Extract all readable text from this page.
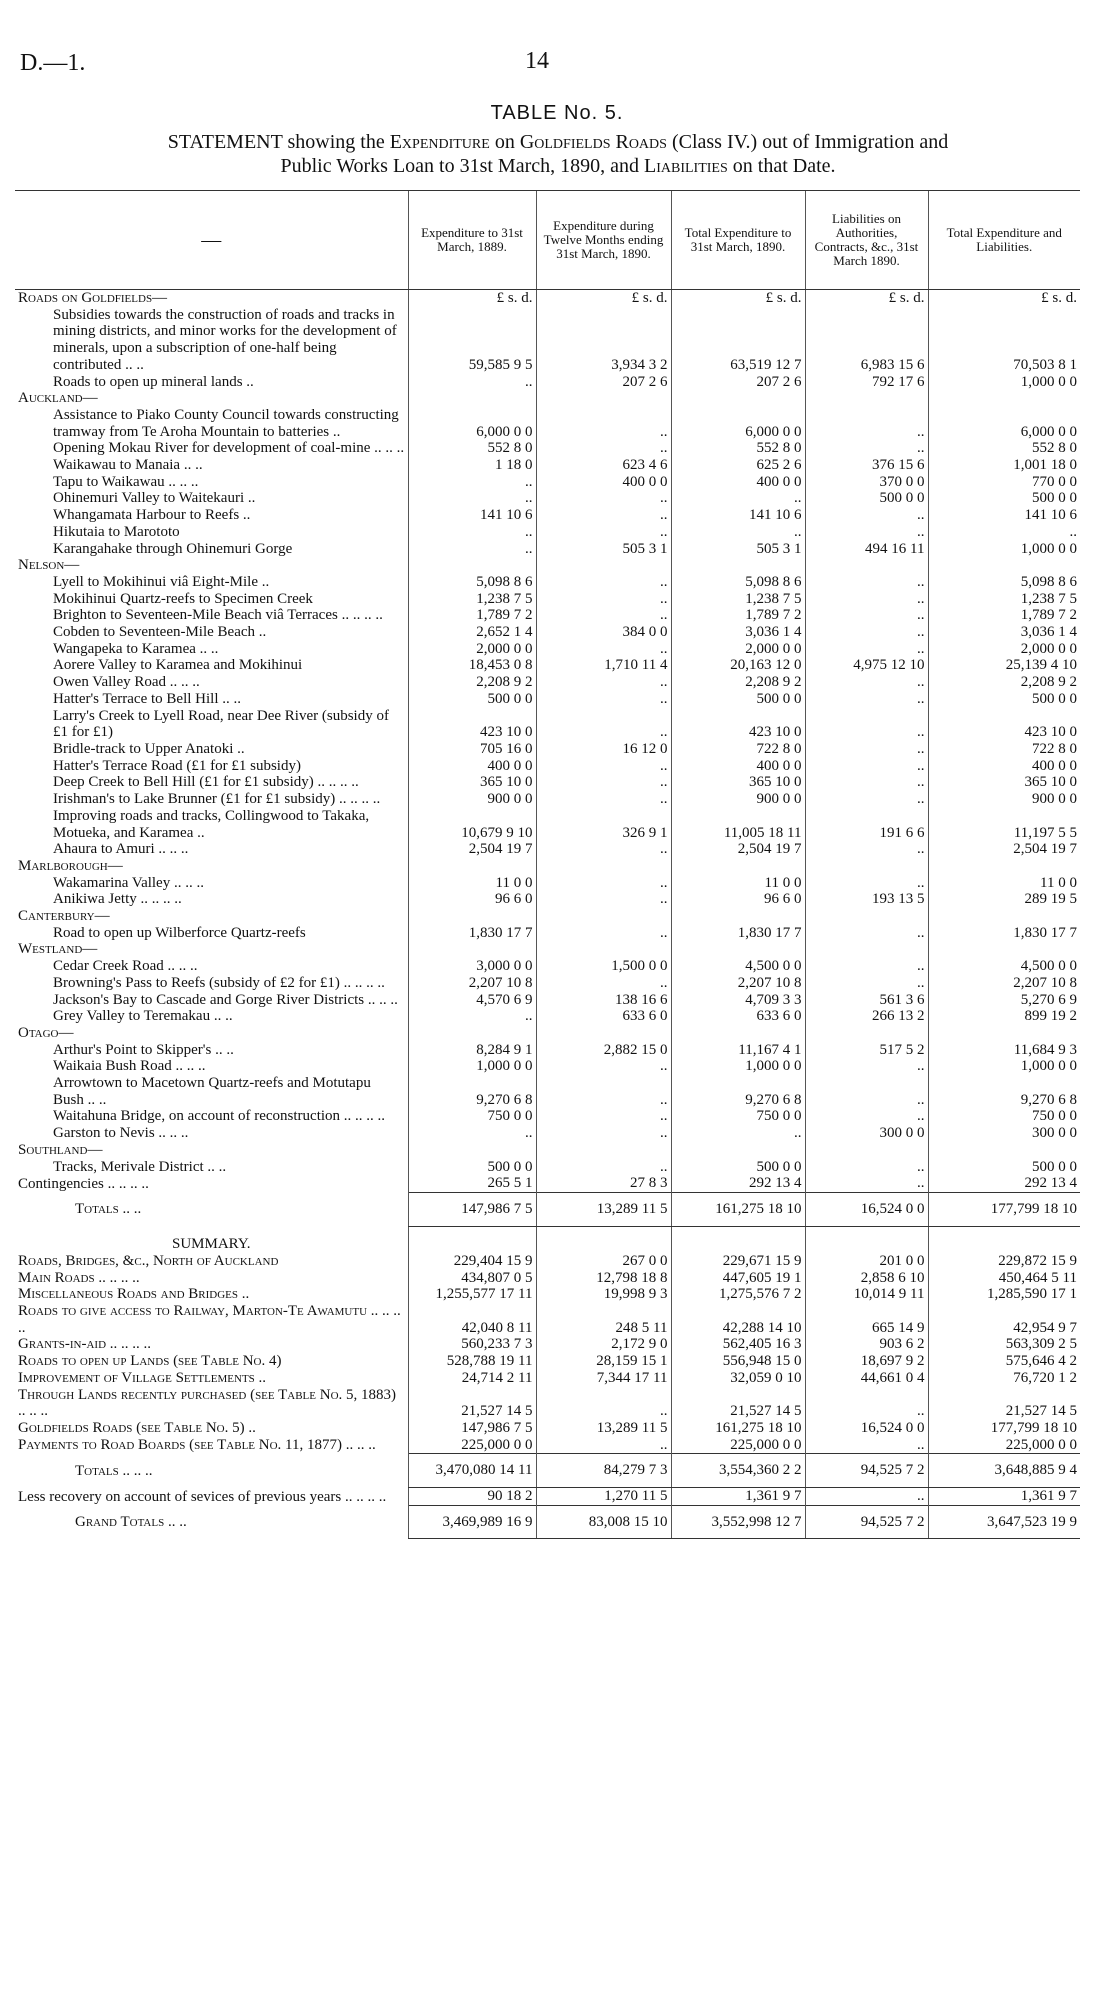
D.—1.	14
TABLE No. 5.
STATEMENT showing the Expenditure on Goldfields Roads (Class IV.) out of Immigration and
Public Works Loan to 31st March, 1890, and Liabilities on that Date.
—	Expenditure to 31st March, 1889.	Expenditure during Twelve Months ending 31st March, 1890.	Total Expenditure to 31st March, 1890.	Liabilities on Authorities, Contracts, &c., 31st March 1890.	Total Expenditure and Liabilities.
Roads on Goldfields—	£ s. d.	£ s. d.	£ s. d.	£ s. d.	£ s. d.
Subsidies towards the construction of roads and tracks in mining districts, and minor works for the development of minerals, upon a subscription of one-half being contributed .. ..	59,585 9 5	3,934 3 2	63,519 12 7	6,983 15 6	70,503 8 1
Roads to open up mineral lands ..	..	207 2 6	207 2 6	792 17 6	1,000 0 0
Auckland—					
Assistance to Piako County Council towards constructing tramway from Te Aroha Mountain to batteries ..	6,000 0 0	..	6,000 0 0	..	6,000 0 0
Opening Mokau River for development of coal-mine .. .. ..	552 8 0	..	552 8 0	..	552 8 0
Waikawau to Manaia .. ..	1 18 0	623 4 6	625 2 6	376 15 6	1,001 18 0
Tapu to Waikawau .. .. ..	..	400 0 0	400 0 0	370 0 0	770 0 0
Ohinemuri Valley to Waitekauri ..	..	..	..	500 0 0	500 0 0
Whangamata Harbour to Reefs ..	141 10 6	..	141 10 6	..	141 10 6
Hikutaia to Marototo	..	..	..	..	..
Karangahake through Ohinemuri Gorge	..	505 3 1	505 3 1	494 16 11	1,000 0 0
Nelson—					
Lyell to Mokihinui viâ Eight-Mile ..	5,098 8 6	..	5,098 8 6	..	5,098 8 6
Mokihinui Quartz-reefs to Specimen Creek	1,238 7 5	..	1,238 7 5	..	1,238 7 5
Brighton to Seventeen-Mile Beach viâ Terraces .. .. .. ..	1,789 7 2	..	1,789 7 2	..	1,789 7 2
Cobden to Seventeen-Mile Beach ..	2,652 1 4	384 0 0	3,036 1 4	..	3,036 1 4
Wangapeka to Karamea .. ..	2,000 0 0	..	2,000 0 0	..	2,000 0 0
Aorere Valley to Karamea and Mokihinui	18,453 0 8	1,710 11 4	20,163 12 0	4,975 12 10	25,139 4 10
Owen Valley Road .. .. ..	2,208 9 2	..	2,208 9 2	..	2,208 9 2
Hatter's Terrace to Bell Hill .. ..	500 0 0	..	500 0 0	..	500 0 0
Larry's Creek to Lyell Road, near Dee River (subsidy of £1 for £1)	423 10 0	..	423 10 0	..	423 10 0
Bridle-track to Upper Anatoki ..	705 16 0	16 12 0	722 8 0	..	722 8 0
Hatter's Terrace Road (£1 for £1 subsidy)	400 0 0	..	400 0 0	..	400 0 0
Deep Creek to Bell Hill (£1 for £1 subsidy) .. .. .. ..	365 10 0	..	365 10 0	..	365 10 0
Irishman's to Lake Brunner (£1 for £1 subsidy) .. .. .. ..	900 0 0	..	900 0 0	..	900 0 0
Improving roads and tracks, Collingwood to Takaka, Motueka, and Karamea ..	10,679 9 10	326 9 1	11,005 18 11	191 6 6	11,197 5 5
Ahaura to Amuri .. .. ..	2,504 19 7	..	2,504 19 7	..	2,504 19 7
Marlborough—					
Wakamarina Valley .. .. ..	11 0 0	..	11 0 0	..	11 0 0
Anikiwa Jetty .. .. .. ..	96 6 0	..	96 6 0	193 13 5	289 19 5
Canterbury—					
Road to open up Wilberforce Quartz-reefs	1,830 17 7	..	1,830 17 7	..	1,830 17 7
Westland—					
Cedar Creek Road .. .. ..	3,000 0 0	1,500 0 0	4,500 0 0	..	4,500 0 0
Browning's Pass to Reefs (subsidy of £2 for £1) .. .. .. ..	2,207 10 8	..	2,207 10 8	..	2,207 10 8
Jackson's Bay to Cascade and Gorge River Districts .. .. ..	4,570 6 9	138 16 6	4,709 3 3	561 3 6	5,270 6 9
Grey Valley to Teremakau .. ..	..	633 6 0	633 6 0	266 13 2	899 19 2
Otago—					
Arthur's Point to Skipper's .. ..	8,284 9 1	2,882 15 0	11,167 4 1	517 5 2	11,684 9 3
Waikaia Bush Road .. .. ..	1,000 0 0	..	1,000 0 0	..	1,000 0 0
Arrowtown to Macetown Quartz-reefs and Motutapu Bush .. ..	9,270 6 8	..	9,270 6 8	..	9,270 6 8
Waitahuna Bridge, on account of reconstruction .. .. .. ..	750 0 0	..	750 0 0	..	750 0 0
Garston to Nevis .. .. ..	..	..	..	300 0 0	300 0 0
Southland—					
Tracks, Merivale District .. ..	500 0 0	..	500 0 0	..	500 0 0
Contingencies .. .. .. ..	265 5 1	27 8 3	292 13 4	..	292 13 4
Totals .. ..	147,986 7 5	13,289 11 5	161,275 18 10	16,524 0 0	177,799 18 10
SUMMARY.					
Roads, Bridges, &c., North of Auckland	229,404 15 9	267 0 0	229,671 15 9	201 0 0	229,872 15 9
Main Roads .. .. .. ..	434,807 0 5	12,798 18 8	447,605 19 1	2,858 6 10	450,464 5 11
Miscellaneous Roads and Bridges ..	1,255,577 17 11	19,998 9 3	1,275,576 7 2	10,014 9 11	1,285,590 17 1
Roads to give access to Railway, Marton-Te Awamutu .. .. .. ..	42,040 8 11	248 5 11	42,288 14 10	665 14 9	42,954 9 7
Grants-in-aid .. .. .. ..	560,233 7 3	2,172 9 0	562,405 16 3	903 6 2	563,309 2 5
Roads to open up Lands (see Table No. 4)	528,788 19 11	28,159 15 1	556,948 15 0	18,697 9 2	575,646 4 2
Improvement of Village Settlements ..	24,714 2 11	7,344 17 11	32,059 0 10	44,661 0 4	76,720 1 2
Through Lands recently purchased (see Table No. 5, 1883) .. .. ..	21,527 14 5	..	21,527 14 5	..	21,527 14 5
Goldfields Roads (see Table No. 5) ..	147,986 7 5	13,289 11 5	161,275 18 10	16,524 0 0	177,799 18 10
Payments to Road Boards (see Table No. 11, 1877) .. .. ..	225,000 0 0	..	225,000 0 0	..	225,000 0 0
Totals .. .. ..	3,470,080 14 11	84,279 7 3	3,554,360 2 2	94,525 7 2	3,648,885 9 4
Less recovery on account of sevices of previous years .. .. .. ..	90 18 2	1,270 11 5	1,361 9 7	..	1,361 9 7
Grand Totals .. ..	3,469,989 16 9	83,008 15 10	3,552,998 12 7	94,525 7 2	3,647,523 19 9
